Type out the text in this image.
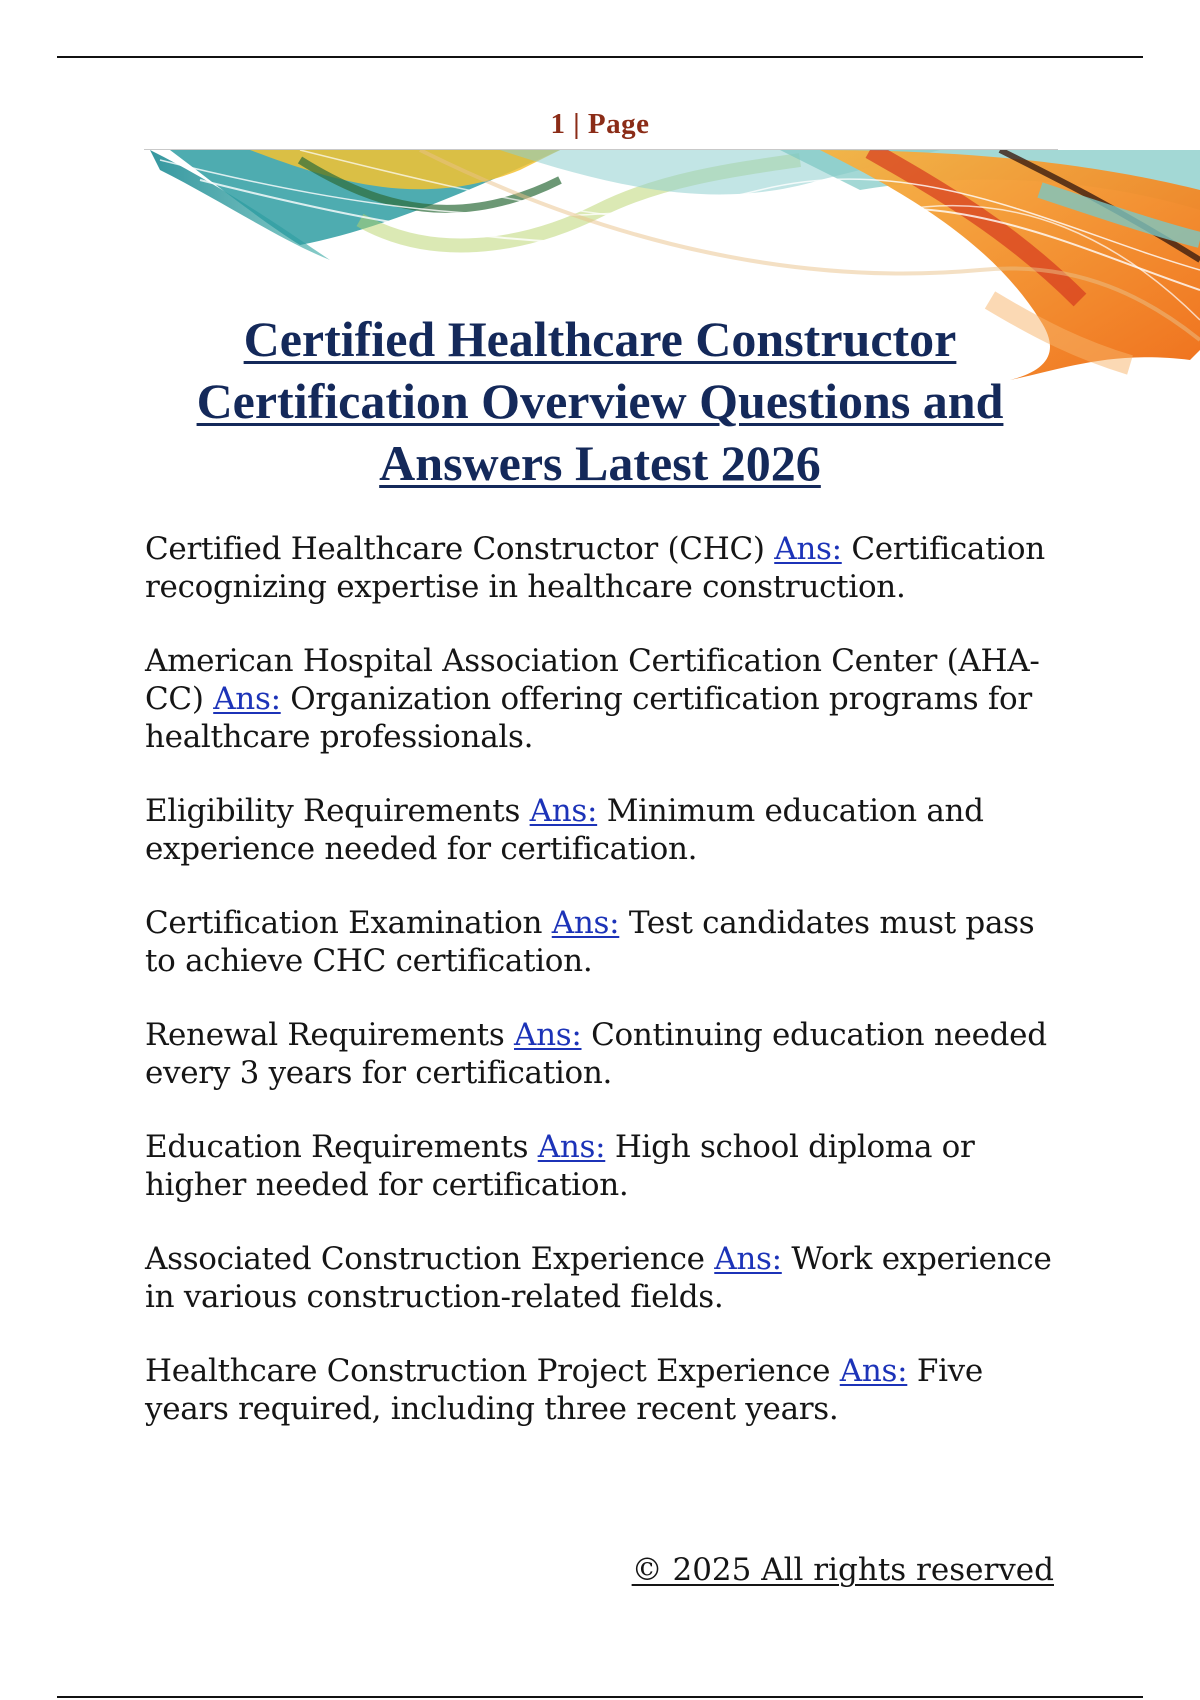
1 | Page
Certified Healthcare Constructor Certification Overview Questions and Answers Latest 2026

Certified Healthcare Constructor (CHC) Ans: Certification recognizing expertise in healthcare construction.

American Hospital Association Certification Center (AHA-CC) Ans: Organization offering certification programs for healthcare professionals.

Eligibility Requirements Ans: Minimum education and experience needed for certification.

Certification Examination Ans: Test candidates must pass to achieve CHC certification.

Renewal Requirements Ans: Continuing education needed every 3 years for certification.

Education Requirements Ans: High school diploma or higher needed for certification.

Associated Construction Experience Ans: Work experience in various construction-related fields.

Healthcare Construction Project Experience Ans: Five years required, including three recent years.

© 2025 All rights reserved
